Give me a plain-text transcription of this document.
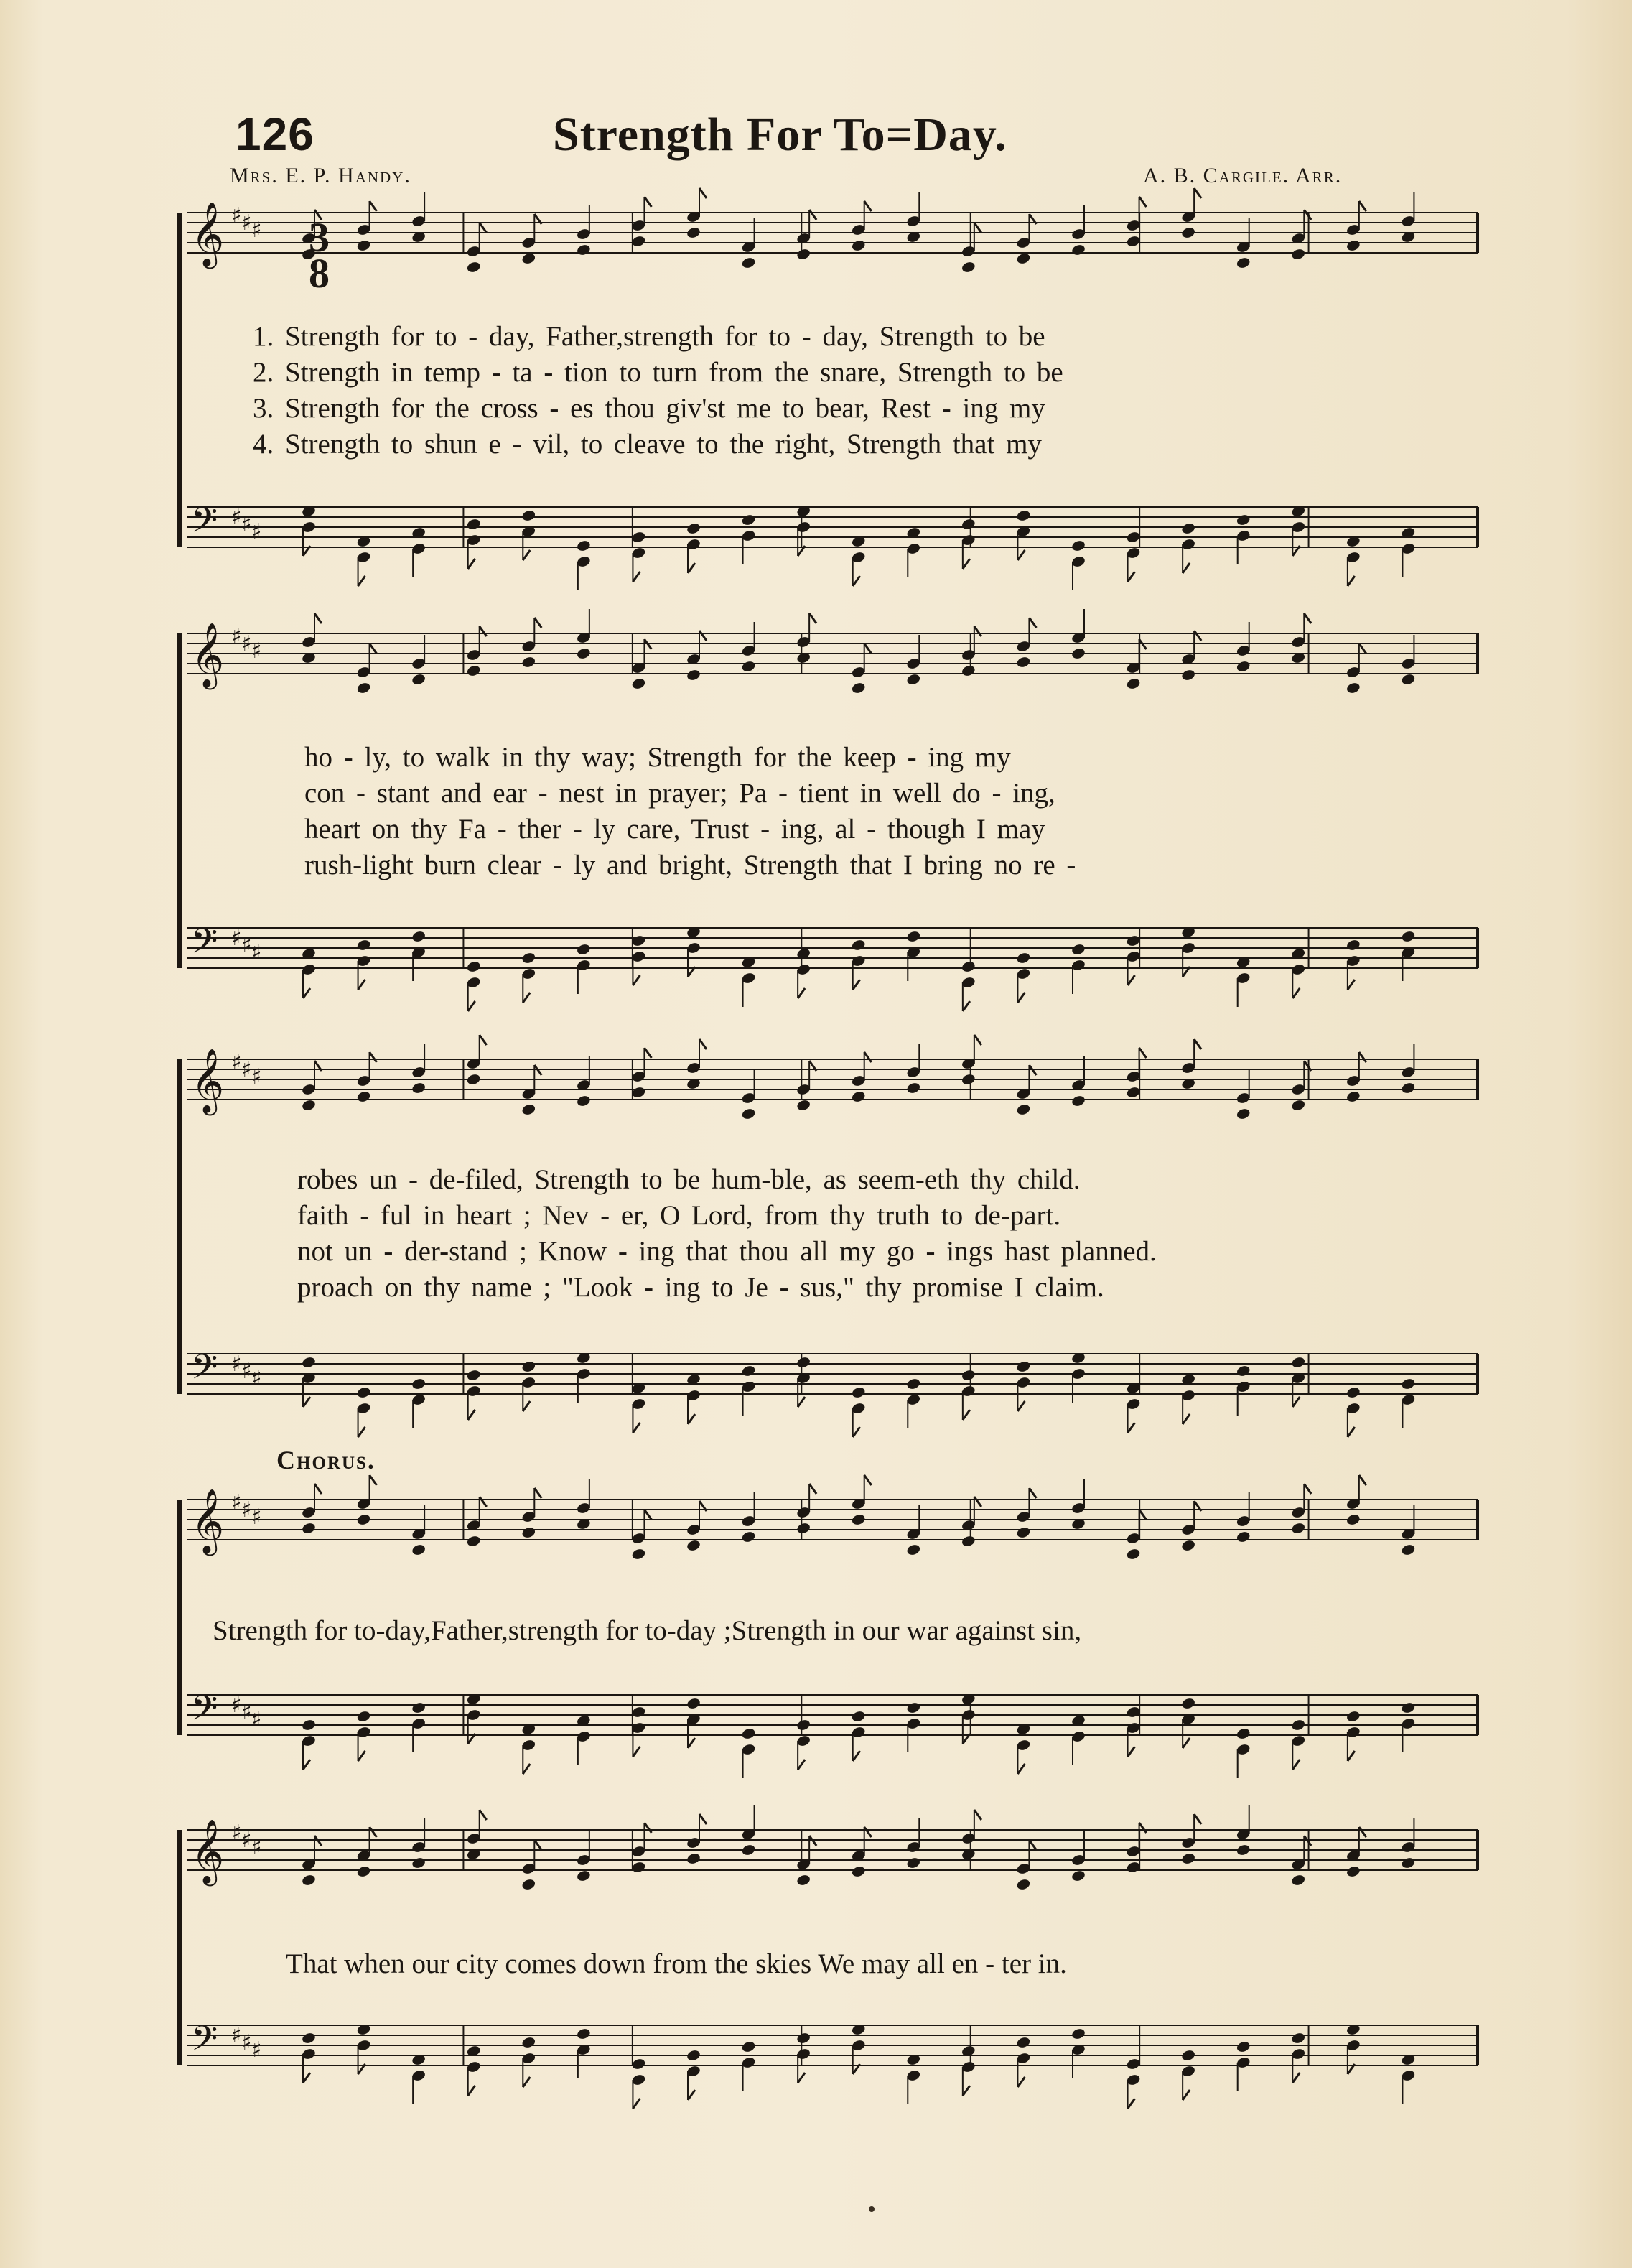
126	Strength For To=Day.
Mrs. E. P. Handy.	A. B. Cargile. Arr.
𝄞 ♯ ♯ ♯
𝄢 ♯ ♯ ♯
𝄞 ♯ ♯ ♯
𝄢 ♯ ♯ ♯
𝄞 ♯ ♯ ♯
𝄢 ♯ ♯ ♯
𝄞 ♯ ♯ ♯
𝄢 ♯ ♯ ♯
𝄞 ♯ ♯ ♯
𝄢 ♯ ♯ ♯
3
8
1. Strength for to - day, Father,strength for to - day, Strength to be
2. Strength in temp - ta - tion to turn from the snare, Strength to be
3. Strength for the cross - es thou giv'st me to bear, Rest - ing my
4. Strength to shun e - vil, to cleave to the right, Strength that my
ho - ly, to walk in thy way; Strength for the keep - ing my
con - stant and ear - nest in prayer; Pa - tient in well do - ing,
heart on thy Fa - ther - ly care, Trust - ing, al - though I may
rush-light burn clear - ly and bright, Strength that I bring no re -
robes un - de-filed, Strength to be hum-ble, as seem-eth thy child.
faith - ful in heart ; Nev - er, O Lord, from thy truth to de-part.
not un - der-stand ; Know - ing that thou all my go - ings hast planned.
proach on thy name ; "Look - ing to Je - sus," thy promise I claim.
Chorus.
Strength for to-day,Father,strength for to-day ;Strength in our war against sin,
That when our city comes down from the skies We may all en - ter in.
